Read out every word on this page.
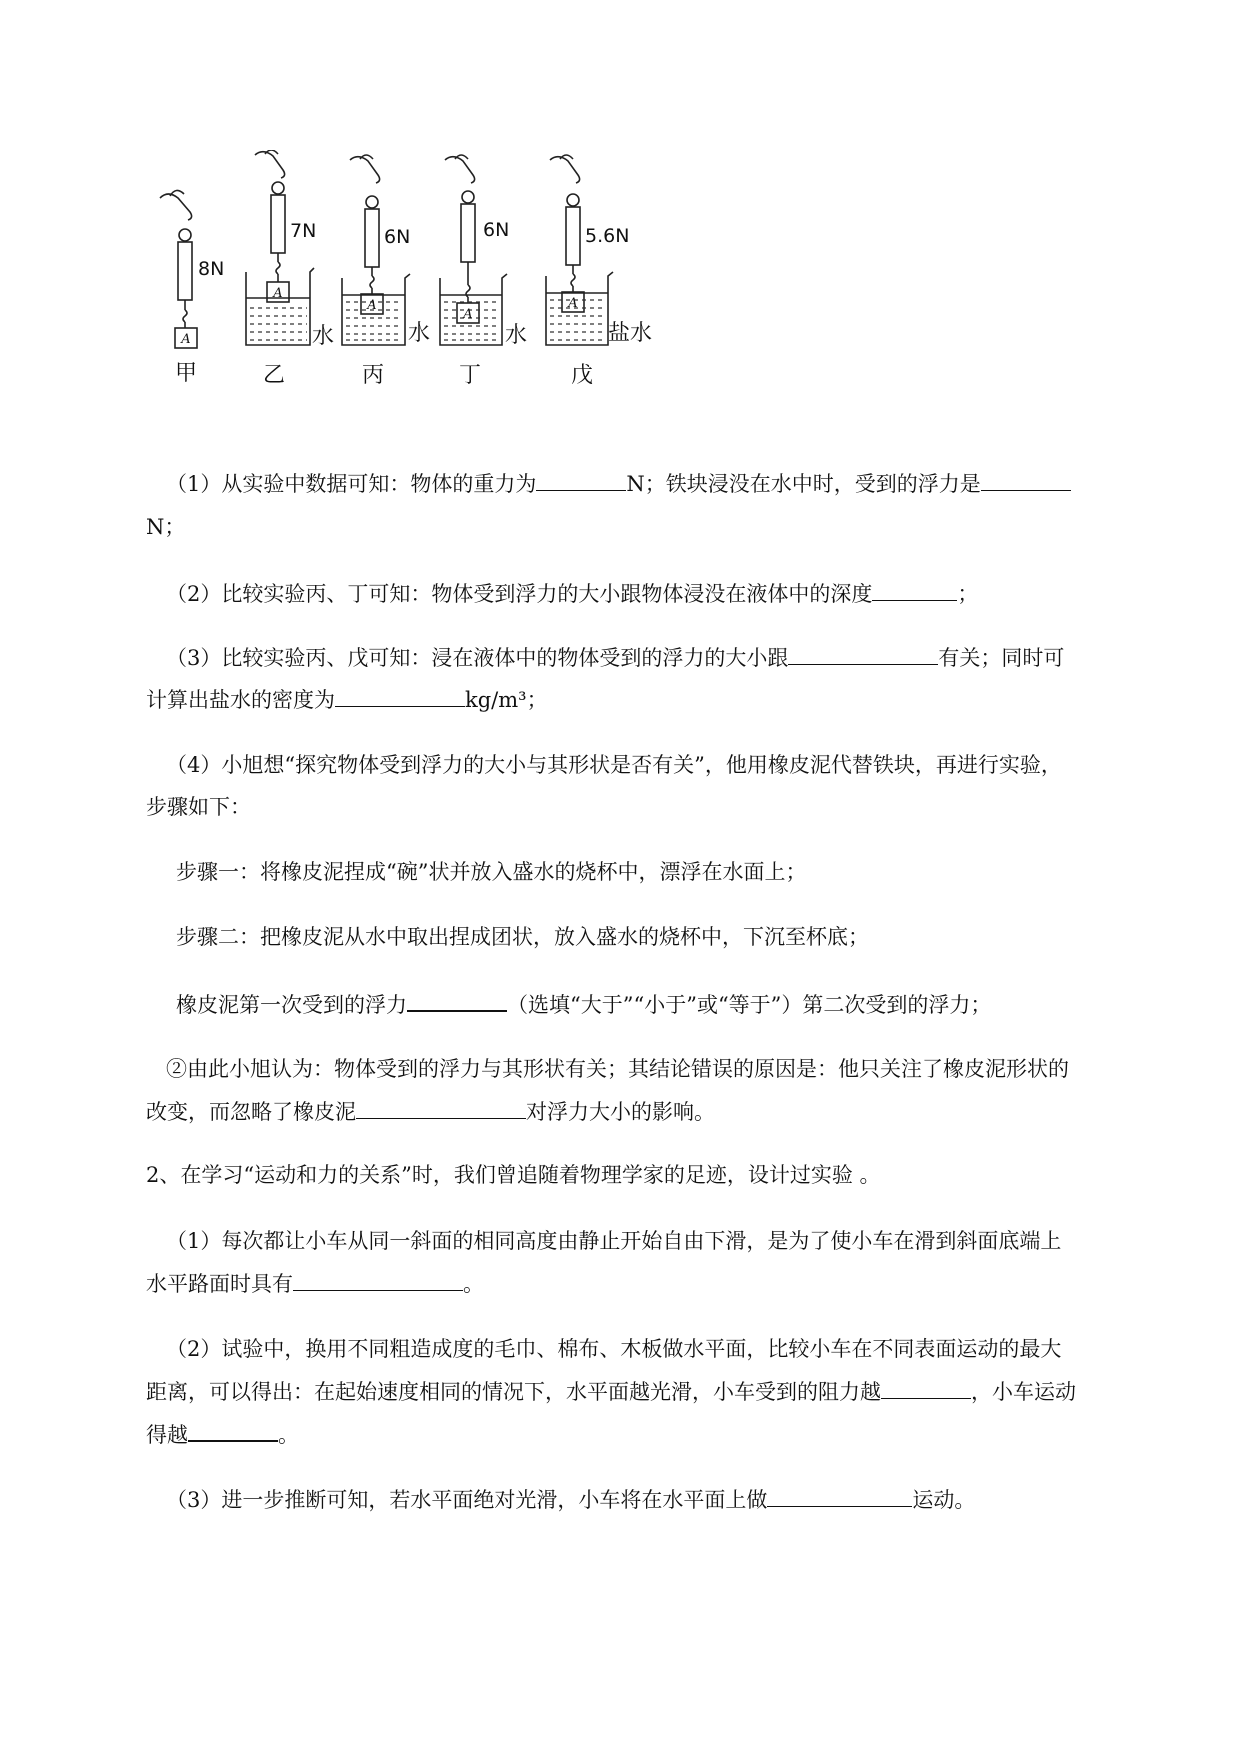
A
A
A
A
A
8N
7N	6N	6N	5.6N
水	水	水	盐水
甲	乙	丙	丁	戊
（1）从实验中数据可知：物体的重力为	N；铁块浸没在水中时，受到的浮力是
N；
（2）比较实验丙、丁可知：物体受到浮力的大小跟物体浸没在液体中的深度	；
（3）比较实验丙、戊可知：浸在液体中的物体受到的浮力的大小跟	有关；同时可
计算出盐水的密度为	kg/m³；
（4）小旭想“探究物体受到浮力的大小与其形状是否有关”，他用橡皮泥代替铁块，再进行实验，
步骤如下：
步骤一：将橡皮泥捏成“碗”状并放入盛水的烧杯中，漂浮在水面上；
步骤二：把橡皮泥从水中取出捏成团状，放入盛水的烧杯中，下沉至杯底；
橡皮泥第一次受到的浮力	（选填“大于”“小于”或“等于”）第二次受到的浮力；
②由此小旭认为：物体受到的浮力与其形状有关；其结论错误的原因是：他只关注了橡皮泥形状的
改变，而忽略了橡皮泥	对浮力大小的影响。
2、在学习“运动和力的关系”时，我们曾追随着物理学家的足迹，设计过实验 。
（1）每次都让小车从同一斜面的相同高度由静止开始自由下滑，是为了使小车在滑到斜面底端上
水平路面时具有	。
（2）试验中，换用不同粗造成度的毛巾、棉布、木板做水平面，比较小车在不同表面运动的最大
距离，可以得出：在起始速度相同的情况下，水平面越光滑，小车受到的阻力越	，小车运动
得越	。
（3）进一步推断可知，若水平面绝对光滑，小车将在水平面上做	运动。
